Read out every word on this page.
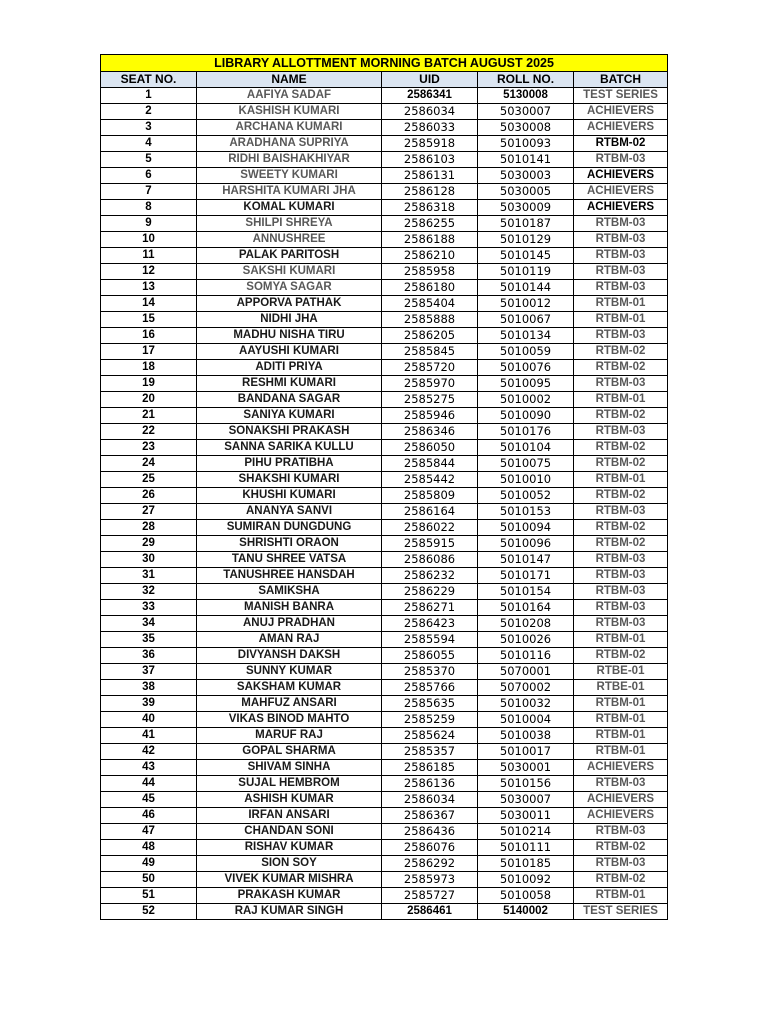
LIBRARY ALLOTTMENT MORNING BATCH AUGUST 2025				
SEAT NO.	NAME	UID	ROLL NO.	BATCH
1	AAFIYA SADAF	2586341	5130008	TEST SERIES
2	KASHISH KUMARI	2586034	5030007	ACHIEVERS
3	ARCHANA KUMARI	2586033	5030008	ACHIEVERS
4	ARADHANA SUPRIYA	2585918	5010093	RTBM-02
5	RIDHI BAISHAKHIYAR	2586103	5010141	RTBM-03
6	SWEETY KUMARI	2586131	5030003	ACHIEVERS
7	HARSHITA KUMARI JHA	2586128	5030005	ACHIEVERS
8	KOMAL KUMARI	2586318	5030009	ACHIEVERS
9	SHILPI SHREYA	2586255	5010187	RTBM-03
10	ANNUSHREE	2586188	5010129	RTBM-03
11	PALAK PARITOSH	2586210	5010145	RTBM-03
12	SAKSHI KUMARI	2585958	5010119	RTBM-03
13	SOMYA SAGAR	2586180	5010144	RTBM-03
14	APPORVA PATHAK	2585404	5010012	RTBM-01
15	NIDHI JHA	2585888	5010067	RTBM-01
16	MADHU NISHA TIRU	2586205	5010134	RTBM-03
17	AAYUSHI KUMARI	2585845	5010059	RTBM-02
18	ADITI PRIYA	2585720	5010076	RTBM-02
19	RESHMI KUMARI	2585970	5010095	RTBM-03
20	BANDANA SAGAR	2585275	5010002	RTBM-01
21	SANIYA KUMARI	2585946	5010090	RTBM-02
22	SONAKSHI PRAKASH	2586346	5010176	RTBM-03
23	SANNA SARIKA KULLU	2586050	5010104	RTBM-02
24	PIHU PRATIBHA	2585844	5010075	RTBM-02
25	SHAKSHI KUMARI	2585442	5010010	RTBM-01
26	KHUSHI KUMARI	2585809	5010052	RTBM-02
27	ANANYA SANVI	2586164	5010153	RTBM-03
28	SUMIRAN DUNGDUNG	2586022	5010094	RTBM-02
29	SHRISHTI ORAON	2585915	5010096	RTBM-02
30	TANU SHREE VATSA	2586086	5010147	RTBM-03
31	TANUSHREE HANSDAH	2586232	5010171	RTBM-03
32	SAMIKSHA	2586229	5010154	RTBM-03
33	MANISH BANRA	2586271	5010164	RTBM-03
34	ANUJ PRADHAN	2586423	5010208	RTBM-03
35	AMAN RAJ	2585594	5010026	RTBM-01
36	DIVYANSH DAKSH	2586055	5010116	RTBM-02
37	SUNNY KUMAR	2585370	5070001	RTBE-01
38	SAKSHAM KUMAR	2585766	5070002	RTBE-01
39	MAHFUZ ANSARI	2585635	5010032	RTBM-01
40	VIKAS BINOD MAHTO	2585259	5010004	RTBM-01
41	MARUF RAJ	2585624	5010038	RTBM-01
42	GOPAL SHARMA	2585357	5010017	RTBM-01
43	SHIVAM SINHA	2586185	5030001	ACHIEVERS
44	SUJAL HEMBROM	2586136	5010156	RTBM-03
45	ASHISH KUMAR	2586034	5030007	ACHIEVERS
46	IRFAN ANSARI	2586367	5030011	ACHIEVERS
47	CHANDAN SONI	2586436	5010214	RTBM-03
48	RISHAV KUMAR	2586076	5010111	RTBM-02
49	SION SOY	2586292	5010185	RTBM-03
50	VIVEK KUMAR MISHRA	2585973	5010092	RTBM-02
51	PRAKASH KUMAR	2585727	5010058	RTBM-01
52	RAJ KUMAR SINGH	2586461	5140002	TEST SERIES
